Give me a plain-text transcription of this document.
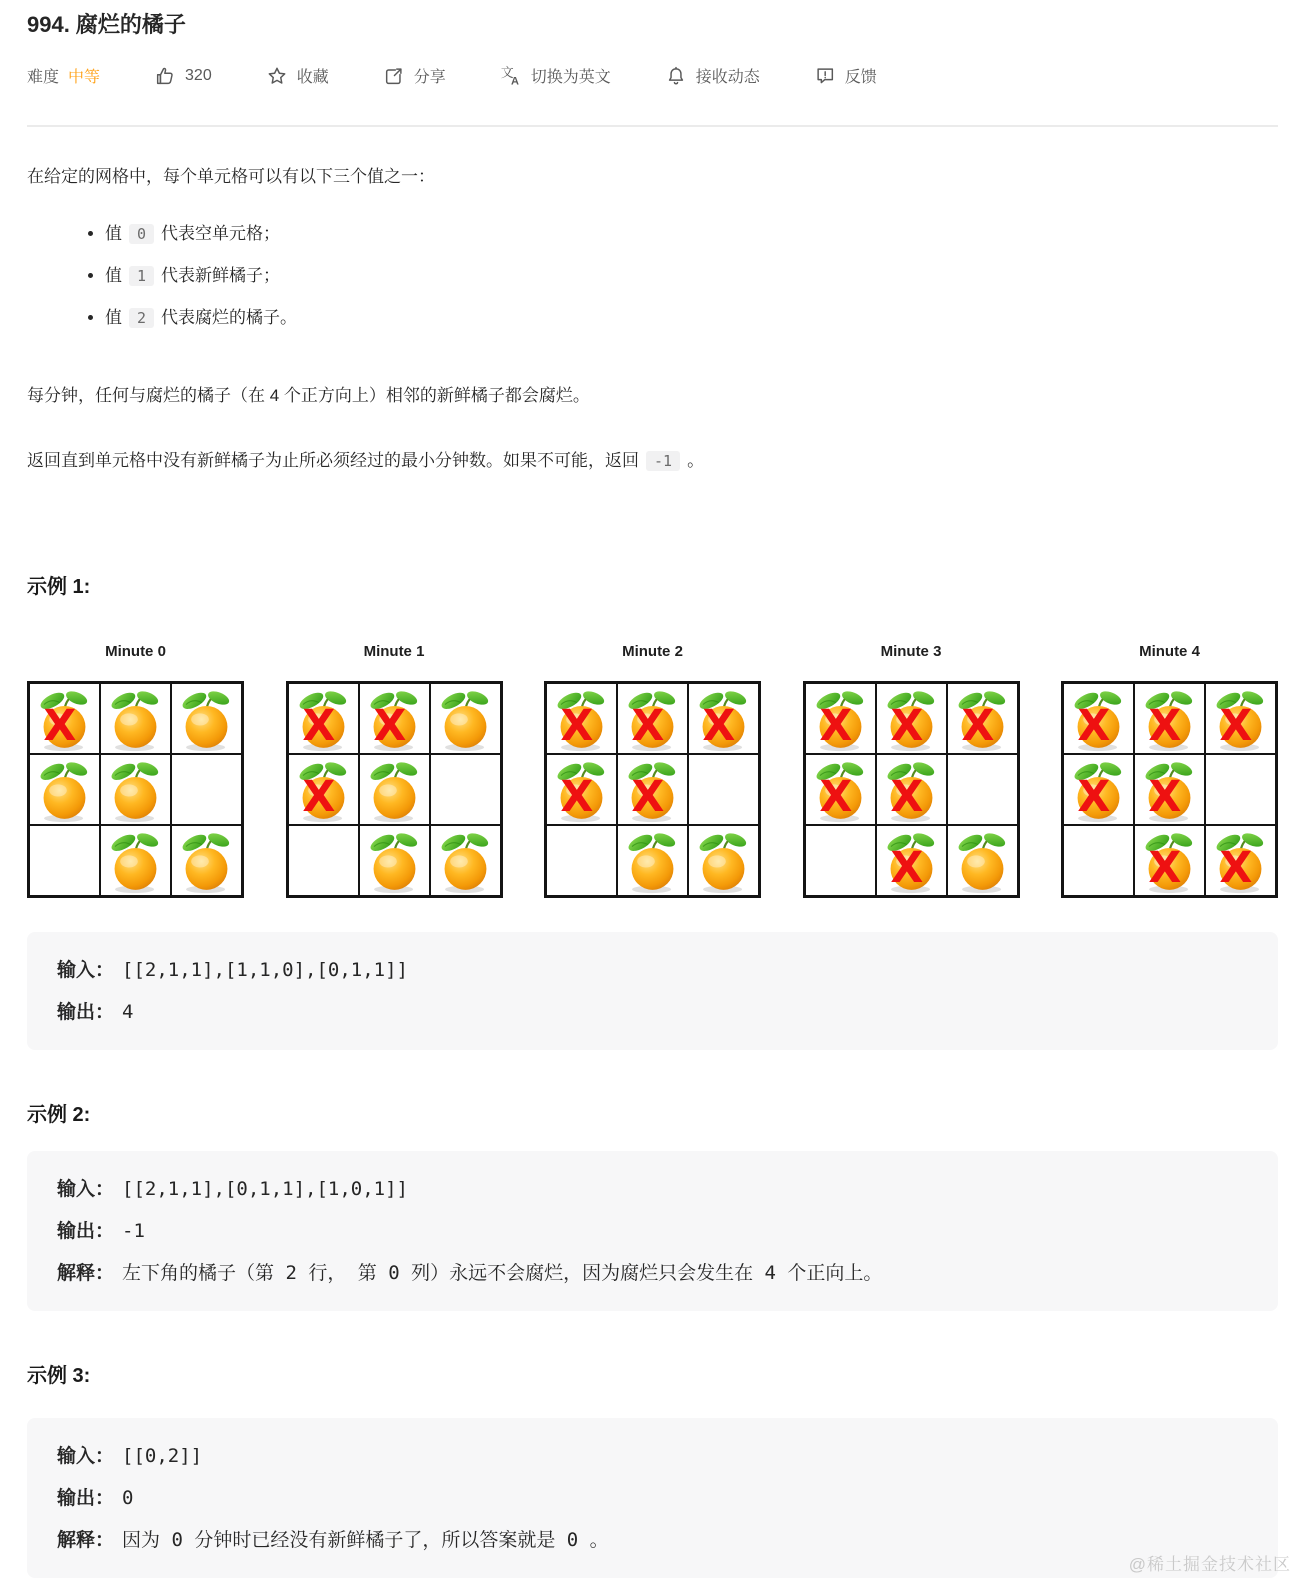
994. 腐烂的橘子
难度 中等	320	收藏	分享	文
A 切换为英文	接收动态	反馈

在给定的网格中，每个单元格可以有以下三个值之一：

• 值 0 代表空单元格；
• 值 1 代表新鲜橘子；
• 值 2 代表腐烂的橘子。

每分钟，任何与腐烂的橘子（在 4 个正方向上）相邻的新鲜橘子都会腐烂。

返回直到单元格中没有新鲜橘子为止所必须经过的最小分钟数。如果不可能，返回 -1 。

示例 1:
Minute 0
X
Minute 1
X X
X
Minute 2
X X X
X X
Minute 3
X X X
X X
X
Minute 4
X X X
X X
X X
输入： [[2,1,1],[1,1,0],[0,1,1]]
输出： 4
示例 2:
输入： [[2,1,1],[0,1,1],[1,0,1]]
输出： -1
解释： 左下角的橘子（第 2 行， 第 0 列）永远不会腐烂，因为腐烂只会发生在 4 个正向上。
示例 3:
输入： [[0,2]]
输出： 0
解释： 因为 0 分钟时已经没有新鲜橘子了，所以答案就是 0 。
@稀土掘金技术社区
